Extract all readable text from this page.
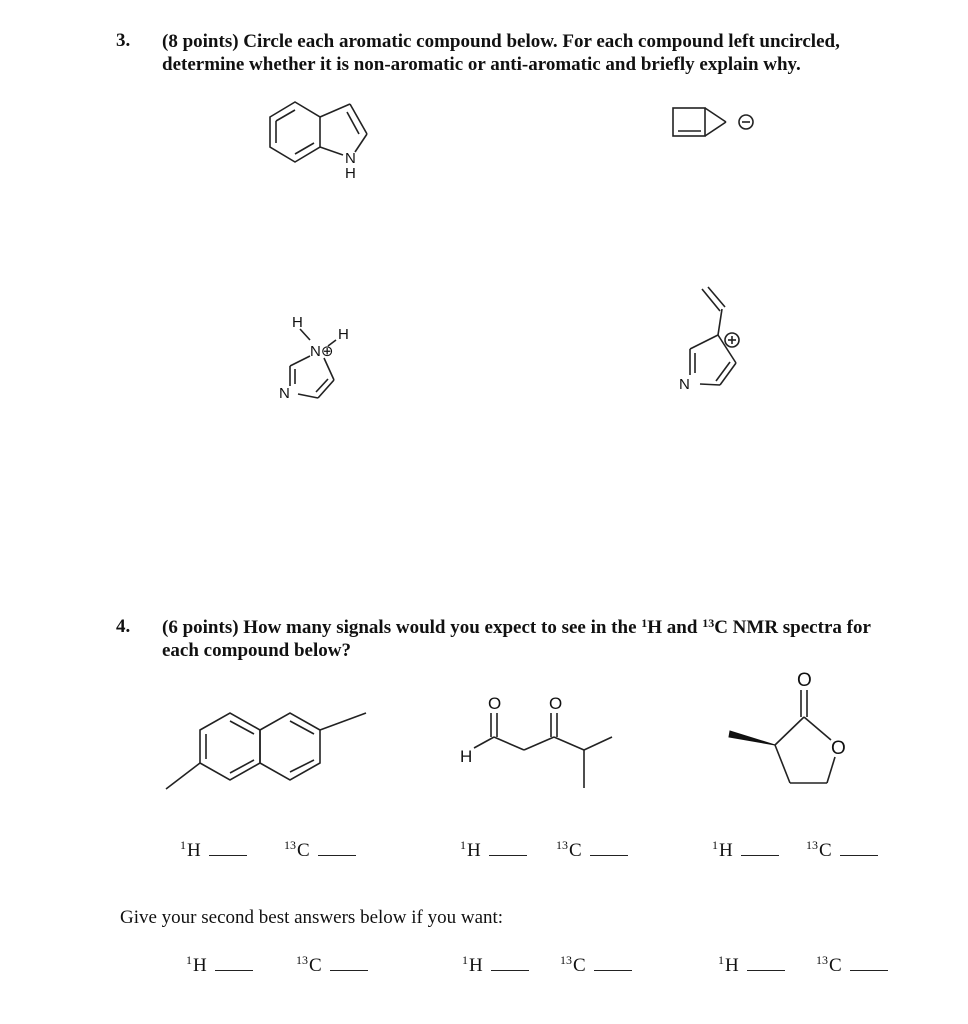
3. (8 points) Circle each aromatic compound below. For each compound left uncircled, determine whether it is non-aromatic or anti-aromatic and briefly explain why.
N
H
H
H
N⊕
N
N
4. (6 points) How many signals would you expect to see in the $^1$H and $^{13}$C NMR spectra for each compound below?
O	O
H
O
O
$^1$H	$^{13}$C	$^1$H	$^{13}$C	$^1$H	$^{13}$C
Give your second best answers below if you want:
$^1$H	$^{13}$C	$^1$H	$^{13}$C	$^1$H	$^{13}$C
